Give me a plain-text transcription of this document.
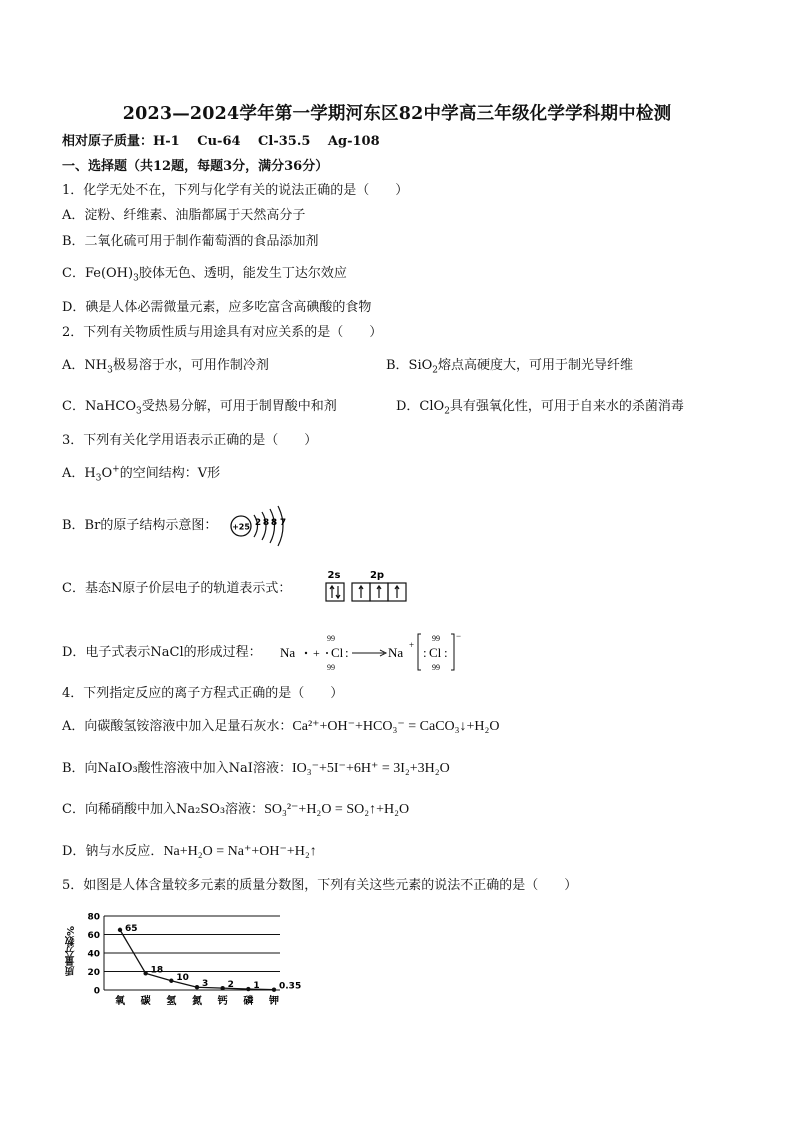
2023—2024学年第一学期河东区82中学高三年级化学学科期中检测
相对原子质量：H-1　 Cu-64　 Cl-35.5　 Ag-108
一、选择题（共12题，每题3分，满分36分）
1．化学无处不在，下列与化学有关的说法正确的是（　　）
A．淀粉、纤维素、油脂都属于天然高分子
B．二氧化硫可用于制作葡萄酒的食品添加剂
C．$Fe(OH)_3$胶体无色、透明，能发生丁达尔效应
D．碘是人体必需微量元素，应多吃富含高碘酸的食物
2．下列有关物质性质与用途具有对应关系的是（　　）
A．$NH_3$极易溶于水，可用作制冷剂	B．SiO$_2$熔点高硬度大，可用于制光导纤维
C．NaHCO$_3$受热易分解，可用于制胃酸中和剂	D．ClO$_2$具有强氧化性，可用于自来水的杀菌消毒
3．下列有关化学用语表示正确的是（　　）
A．$H_3O^+$的空间结构：V形
B．Br的原子结构示意图： +25 2 8 8 7
C．基态N原子价层电子的轨道表示式：
2s	2p
D．电子式表示NaCl的形成过程： Na +
99
99
Cl :	Na + :
99
Cl
99
:
−
4．下列指定反应的离子方程式正确的是（　　）
A．向碳酸氢铵溶液中加入足量石灰水：Ca²⁺+OH⁻+HCO₃⁻ = CaCO₃↓+H₂O
B．向NaIO₃酸性溶液中加入NaI溶液：IO₃⁻+5I⁻+6H⁺ = 3I₂+3H₂O
C．向稀硝酸中加入Na₂SO₃溶液：SO₃²⁻+H₂O = SO₂↑+H₂O
D．钠与水反应．Na+H₂O = Na⁺+OH⁻+H₂↑
5．如图是人体含量较多元素的质量分数图，下列有关这些元素的说法不正确的是（　　）
质量分数%
0
20
40
60
80
65
18
10
3 2 1 0.35
氧 碳 氢 氮 钙 磷 钾
